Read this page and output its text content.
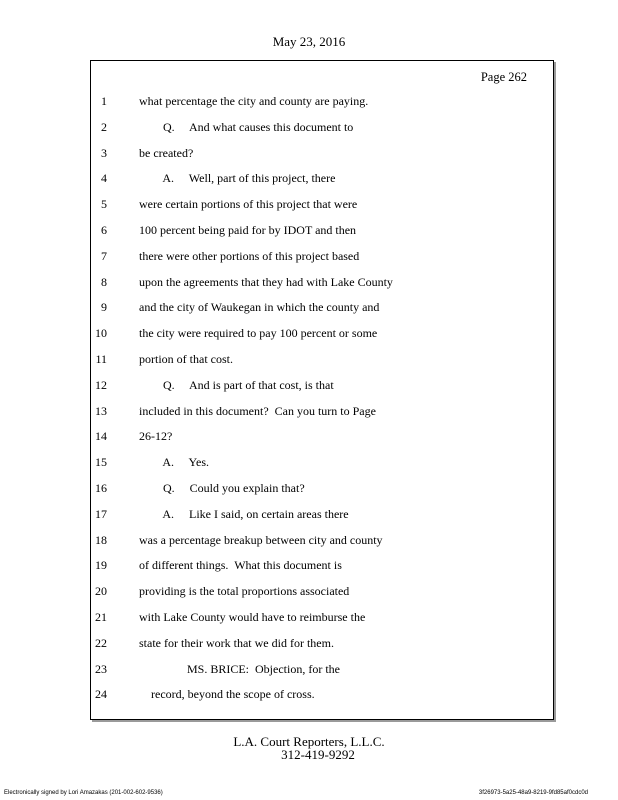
May 23, 2016
Page 262
1	what percentage the city and county are paying.
2	Q.     And what causes this document to
3	be created?
4	A.     Well, part of this project, there
5	were certain portions of this project that were
6	100 percent being paid for by IDOT and then
7	there were other portions of this project based
8	upon the agreements that they had with Lake County
9	and the city of Waukegan in which the county and
10	the city were required to pay 100 percent or some
11	portion of that cost.
12	Q.     And is part of that cost, is that
13	included in this document?  Can you turn to Page
14	26-12?
15	A.     Yes.
16	Q.     Could you explain that?
17	A.     Like I said, on certain areas there
18	was a percentage breakup between city and county
19	of different things.  What this document is
20	providing is the total proportions associated
21	with Lake County would have to reimburse the
22	state for their work that we did for them.
23	MS. BRICE:  Objection, for the
24	record, beyond the scope of cross.
L.A. Court Reporters, L.L.C.
312-419-9292
Electronically signed by Lori Amazakas (201-002-602-9536)	3f26973-5a25-48a9-8219-9fd85af0cdc0d
